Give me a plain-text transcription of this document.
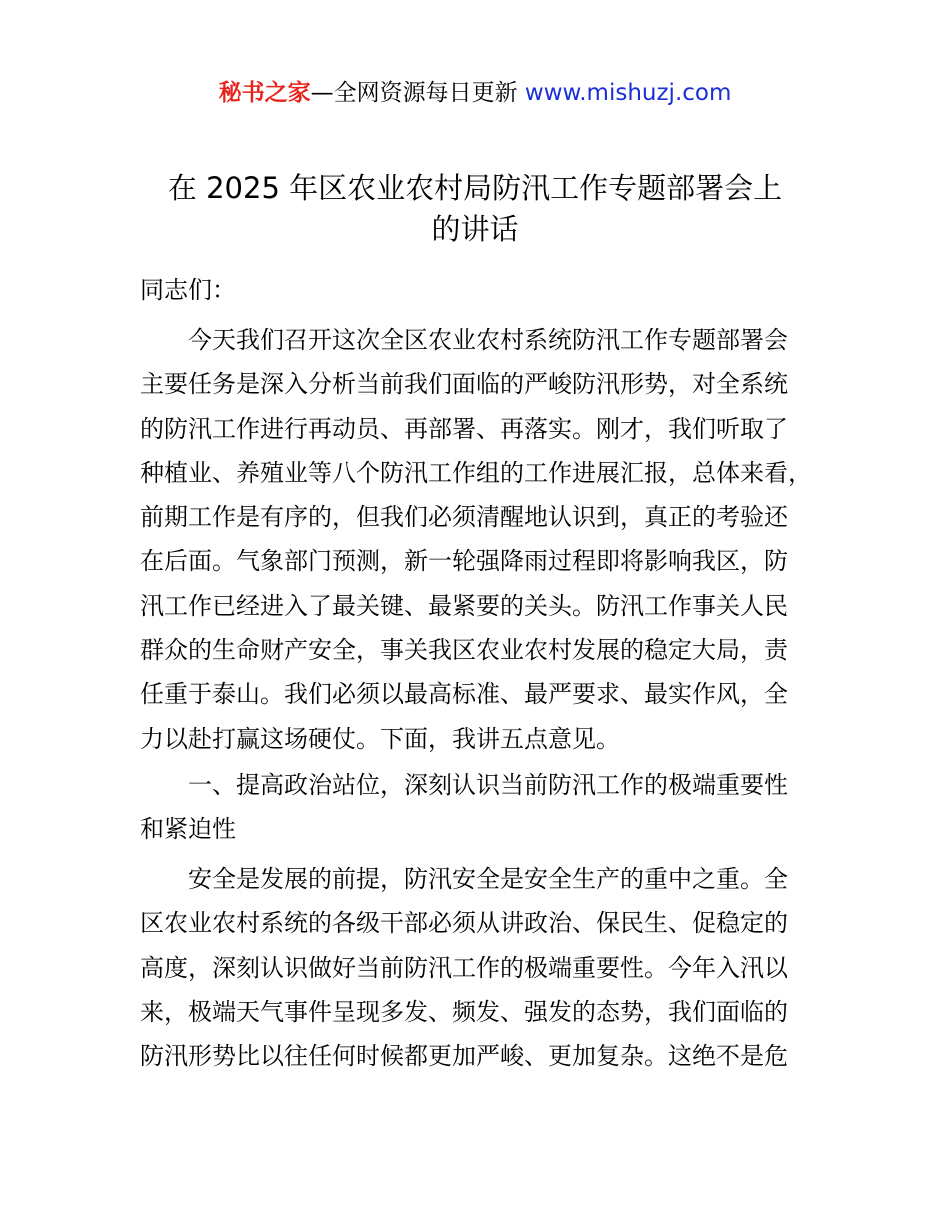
秘书之家—全网资源每日更新 www.mishuzj.com
在 2025 年区农业农村局防汛工作专题部署会上
的讲话
同志们：
今天我们召开这次全区农业农村系统防汛工作专题部署会
主要任务是深入分析当前我们面临的严峻防汛形势，对全系统
的防汛工作进行再动员、再部署、再落实。刚才，我们听取了
种植业、养殖业等八个防汛工作组的工作进展汇报，总体来看，
前期工作是有序的，但我们必须清醒地认识到，真正的考验还
在后面。气象部门预测，新一轮强降雨过程即将影响我区，防
汛工作已经进入了最关键、最紧要的关头。防汛工作事关人民
群众的生命财产安全，事关我区农业农村发展的稳定大局，责
任重于泰山。我们必须以最高标准、最严要求、最实作风，全
力以赴打赢这场硬仗。下面，我讲五点意见。
一、提高政治站位，深刻认识当前防汛工作的极端重要性
和紧迫性
安全是发展的前提，防汛安全是安全生产的重中之重。全
区农业农村系统的各级干部必须从讲政治、保民生、促稳定的
高度，深刻认识做好当前防汛工作的极端重要性。今年入汛以
来，极端天气事件呈现多发、频发、强发的态势，我们面临的
防汛形势比以往任何时候都更加严峻、更加复杂。这绝不是危
